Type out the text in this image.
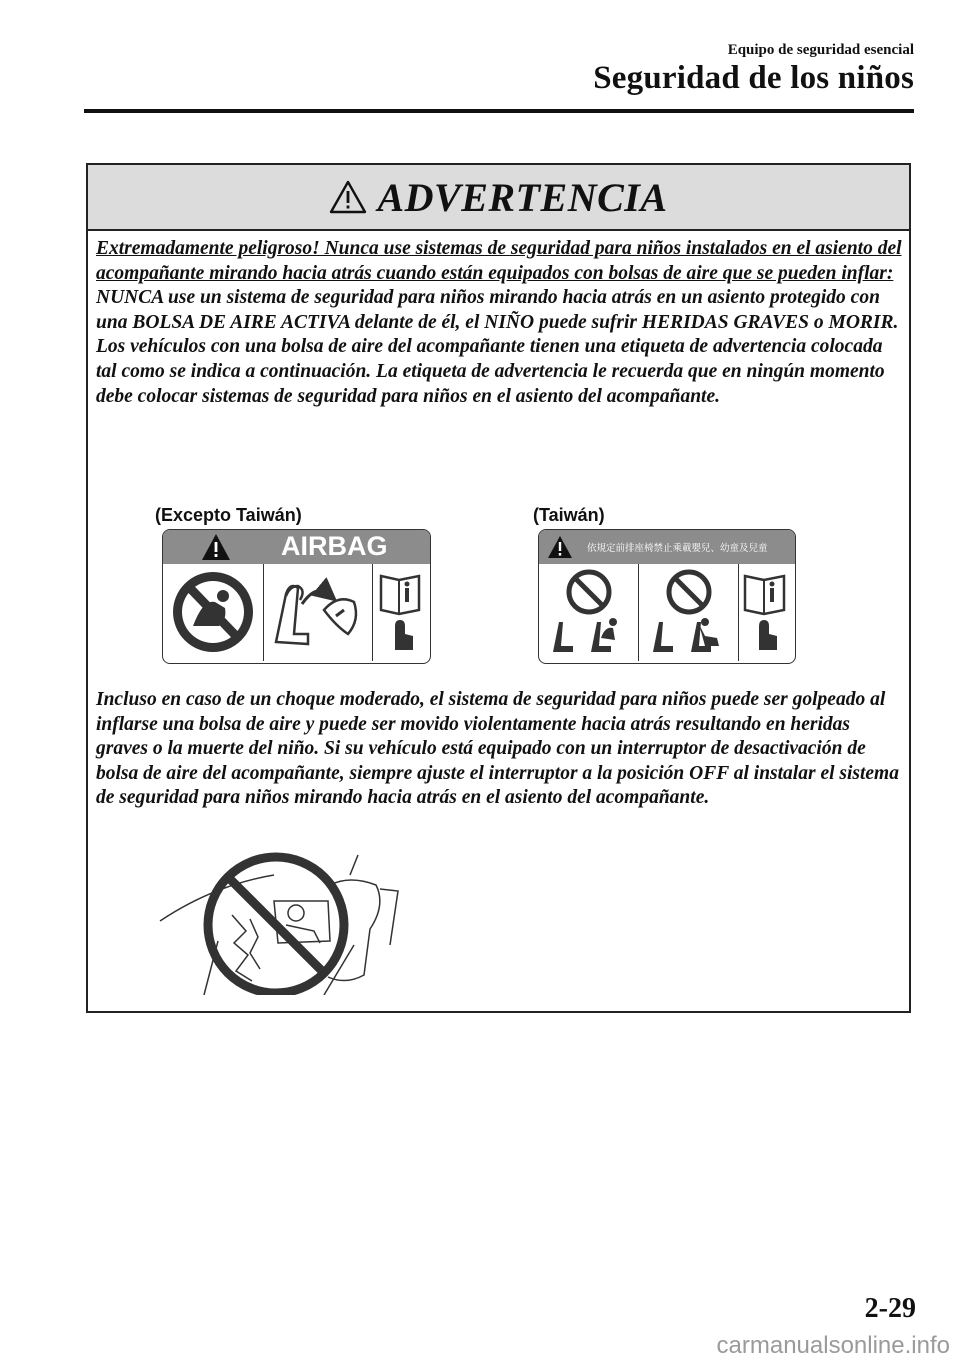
Equipo de seguridad esencial
Seguridad de los niños
ADVERTENCIA

Extremadamente peligroso! Nunca use sistemas de seguridad para niños instalados en el asiento del acompañante mirando hacia atrás cuando están equipados con bolsas de aire que se pueden inflar:

NUNCA use un sistema de seguridad para niños mirando hacia atrás en un asiento protegido con una BOLSA DE AIRE ACTIVA delante de él, el NIÑO puede sufrir HERIDAS GRAVES o MORIR.

Los vehículos con una bolsa de aire del acompañante tienen una etiqueta de advertencia colocada tal como se indica a continuación. La etiqueta de advertencia le recuerda que en ningún momento debe colocar sistemas de seguridad para niños en el asiento del acompañante.

(Excepto Taiwán)	(Taiwán)
AIRBAG	依規定前排座椅禁止乘載嬰兒、幼童及兒童

Incluso en caso de un choque moderado, el sistema de seguridad para niños puede ser golpeado al inflarse una bolsa de aire y puede ser movido violentamente hacia atrás resultando en heridas graves o la muerte del niño. Si su vehículo está equipado con un interruptor de desactivación de bolsa de aire del acompañante, siempre ajuste el interruptor a la posición OFF al instalar el sistema de seguridad para niños mirando hacia atrás en el asiento del acompañante.

2-29
carmanualsonline.info
